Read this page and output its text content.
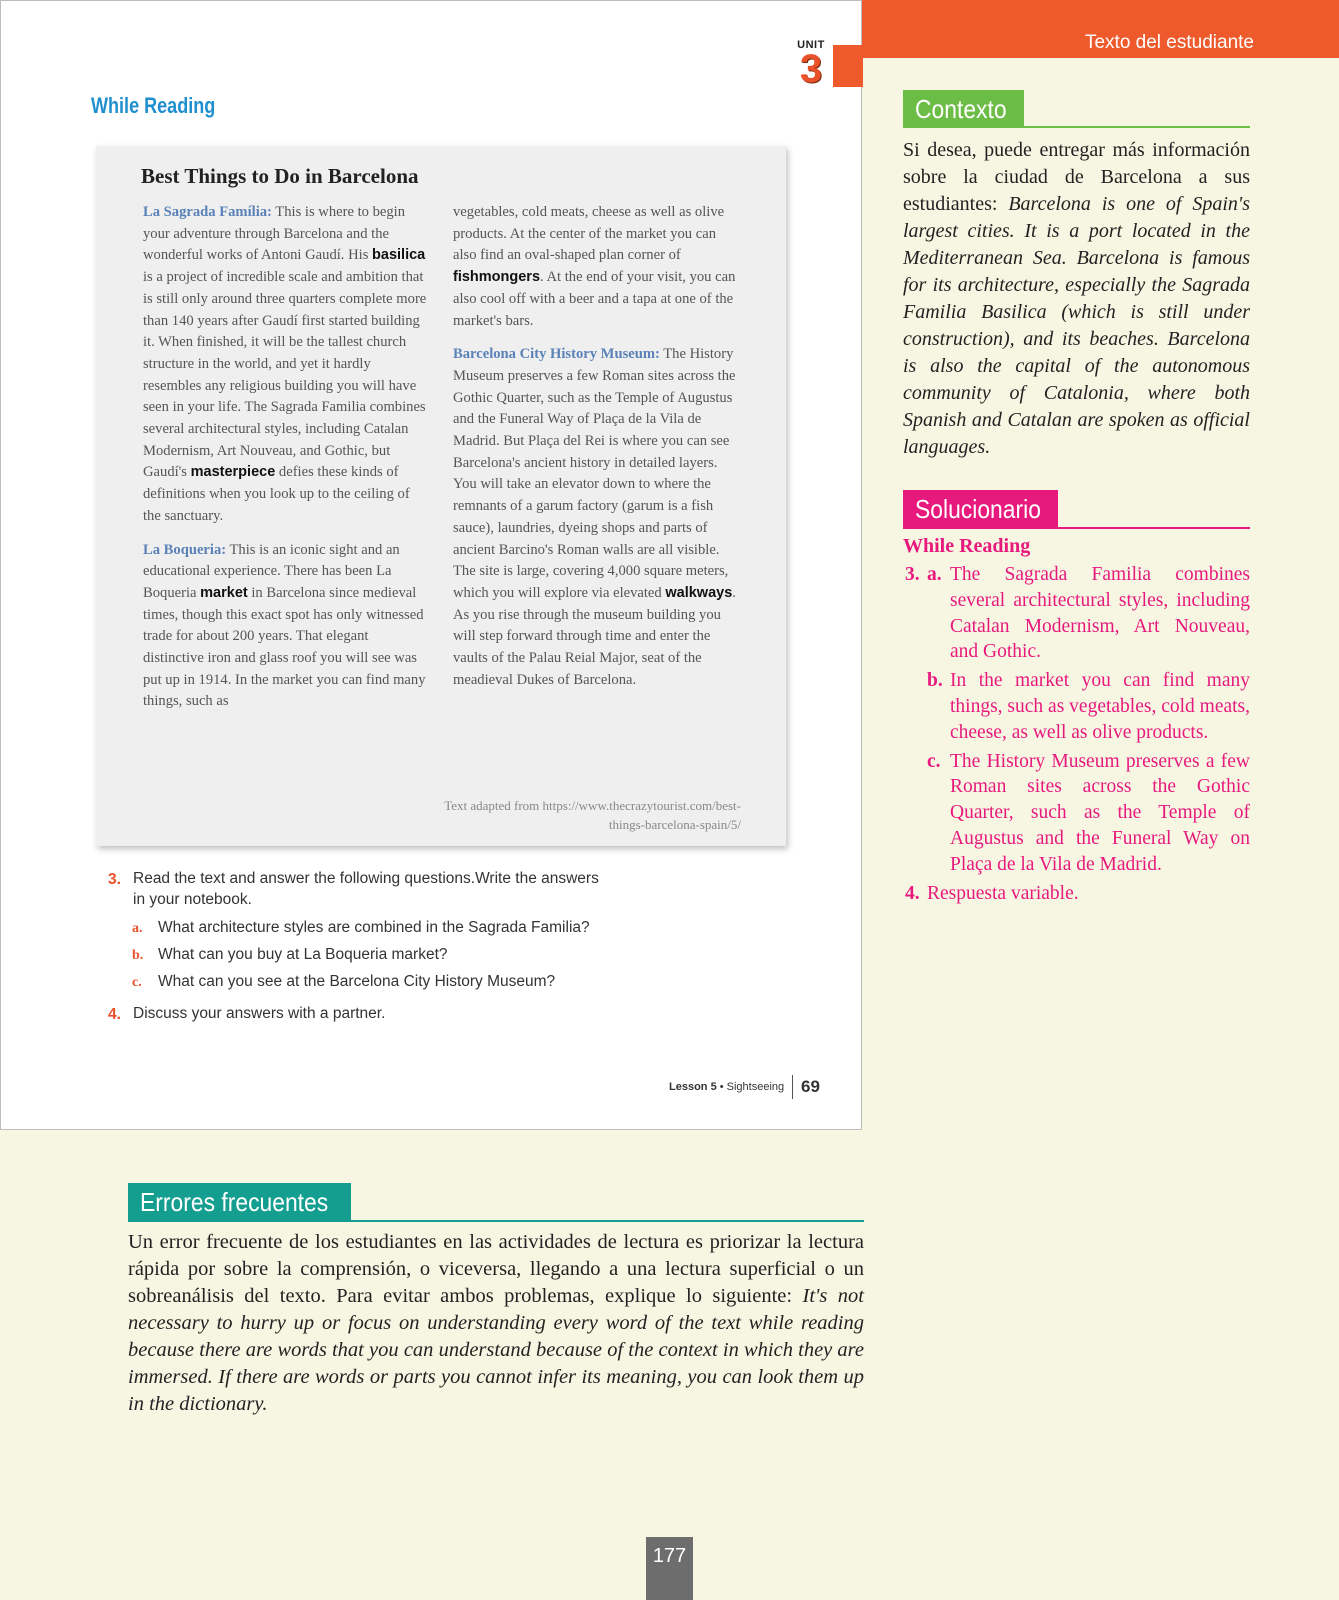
UNIT
3
While Reading
Best Things to Do in Barcelona

La Sagrada Família: This is where to begin your adventure through Barcelona and the wonderful works of Antoni Gaudí. His basilica is a project of incredible scale and ambition that is still only around three quarters complete more than 140 years after Gaudí first started building it. When finished, it will be the tallest church structure in the world, and yet it hardly resembles any religious building you will have seen in your life. The Sagrada Familia combines several architectural styles, including Catalan Modernism, Art Nouveau, and Gothic, but Gaudí's masterpiece defies these kinds of definitions when you look up to the ceiling of the sanctuary.

La Boqueria: This is an iconic sight and an educational experience. There has been La Boqueria market in Barcelona since medieval times, though this exact spot has only witnessed trade for about 200 years. That elegant distinctive iron and glass roof you will see was put up in 1914. In the market you can find many things, such as

vegetables, cold meats, cheese as well as olive products. At the center of the market you can also find an oval-shaped plan corner of fishmongers. At the end of your visit, you can also cool off with a beer and a tapa at one of the market's bars.

Barcelona City History Museum: The History Museum preserves a few Roman sites across the Gothic Quarter, such as the Temple of Augustus and the Funeral Way of Plaça de la Vila de Madrid. But Plaça del Rei is where you can see Barcelona's ancient history in detailed layers. You will take an elevator down to where the remnants of a garum factory (garum is a fish sauce), laundries, dyeing shops and parts of ancient Barcino's Roman walls are all visible. The site is large, covering 4,000 square meters, which you will explore via elevated walkways. As you rise through the museum building you will step forward through time and enter the vaults of the Palau Reial Major, seat of the meadieval Dukes of Barcelona.

Text adapted from https://www.thecrazytourist.com/best-things-barcelona-spain/5/
3. Read the text and answer the following questions.Write the answers
in your notebook.
a. What architecture styles are combined in the Sagrada Familia?
b. What can you buy at La Boqueria market?
c. What can you see at the Barcelona City History Museum?
4. Discuss your answers with a partner.
Lesson 5 • Sightseeing 69
Texto del estudiante
Contexto

Si desea, puede entregar más información sobre la ciudad de Barcelona a sus estudiantes: Barcelona is one of Spain's largest cities. It is a port located in the Mediterranean Sea. Barcelona is famous for its architecture, especially the Sagrada Familia Basilica (which is still under construction), and its beaches. Barcelona is also the capital of the autonomous community of Catalonia, where both Spanish and Catalan are spoken as official languages.

Solucionario
While Reading
3. a. The Sagrada Familia combines several architectural styles, including Catalan Modernism, Art Nouveau, and Gothic.
b. In the market you can find many things, such as vegetables, cold meats, cheese, as well as olive products.
c. The History Museum preserves a few Roman sites across the Gothic Quarter, such as the Temple of Augustus and the Funeral Way on Plaça de la Vila de Madrid.
4. Respuesta variable.
Errores frecuentes

Un error frecuente de los estudiantes en las actividades de lectura es priorizar la lectura rápida por sobre la comprensión, o viceversa, llegando a una lectura superficial o un sobreanálisis del texto. Para evitar ambos problemas, explique lo siguiente: It's not necessary to hurry up or focus on understanding every word of the text while reading because there are words that you can understand because of the context in which they are immersed. If there are words or parts you cannot infer its meaning, you can look them up in the dictionary.

177
